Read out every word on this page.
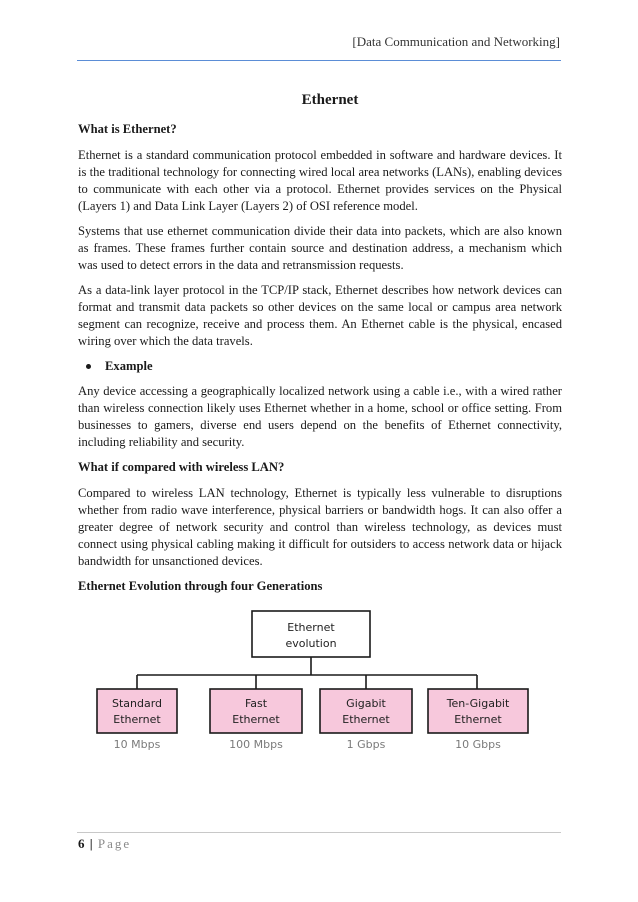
[Data Communication and Networking]
Ethernet
What is Ethernet?

Ethernet is a standard communication protocol embedded in software and hardware devices. It is the traditional technology for connecting wired local area networks (LANs), enabling devices to communicate with each other via a protocol. Ethernet provides services on the Physical (Layers 1) and Data Link Layer (Layers 2) of OSI reference model.

Systems that use ethernet communication divide their data into packets, which are also known as frames. These frames further contain source and destination address, a mechanism which was used to detect errors in the data and retransmission requests.

As a data-link layer protocol in the TCP/IP stack, Ethernet describes how network devices can format and transmit data packets so other devices on the same local or campus area network segment can recognize, receive and process them. An Ethernet cable is the physical, encased wiring over which the data travels.

Example

Any device accessing a geographically localized network using a cable i.e., with a wired rather than wireless connection likely uses Ethernet whether in a home, school or office setting. From businesses to gamers, diverse end users depend on the benefits of Ethernet connectivity, including reliability and security.

What if compared with wireless LAN?

Compared to wireless LAN technology, Ethernet is typically less vulnerable to disruptions whether from radio wave interference, physical barriers or bandwidth hogs. It can also offer a greater degree of network security and control than wireless technology, as devices must connect using physical cabling making it difficult for outsiders to access network data or hijack bandwidth for unsanctioned devices.

Ethernet Evolution through four Generations
Ethernet
evolution
Standard
Ethernet
10 Mbps
Fast
Ethernet
100 Mbps
Gigabit
Ethernet
1 Gbps
Ten-Gigabit
Ethernet
10 Gbps
6 | Page
